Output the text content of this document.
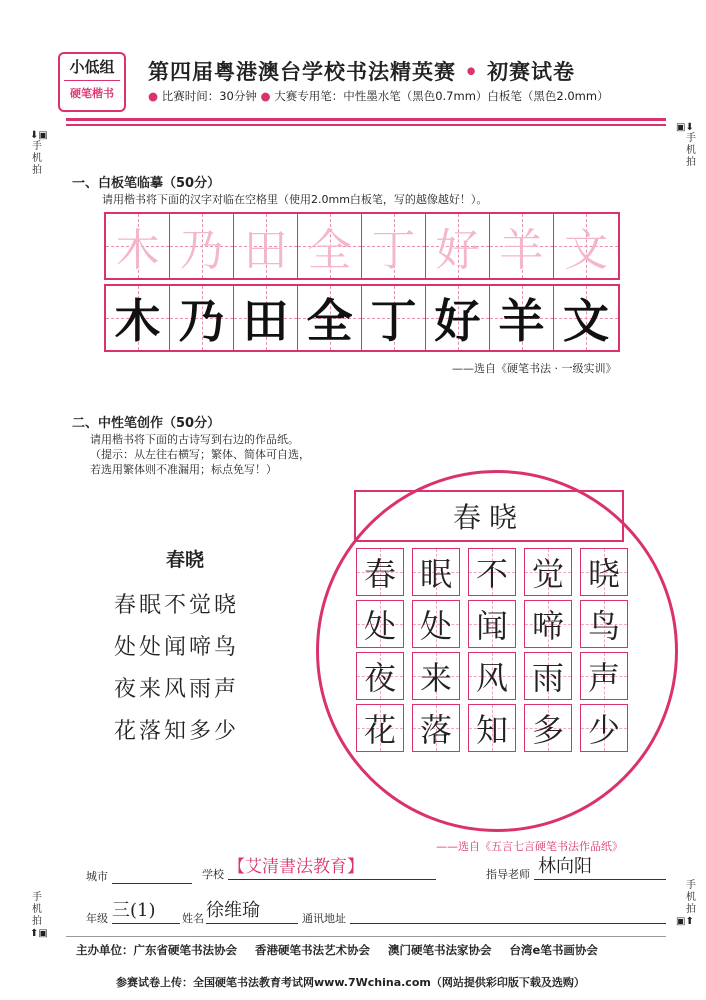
小低组
硬笔楷书
第四届粤港澳台学校书法精英赛 • 初赛试卷
● 比赛时间：30分钟 ● 大赛专用笔：中性墨水笔（黑色0.7mm）白板笔（黑色2.0mm）
⬇▣
手机拍
▣⬇
手机拍
手机拍
⬆▣
手机拍
▣⬆
一、白板笔临摹（50分）
请用楷书将下面的汉字对临在空格里（使用2.0mm白板笔，写的越像越好！）。
木 乃 田 全 丁 好 羊 文
木 乃 田 全 丁 好 羊 文
——选自《硬笔书法 · 一级实训》
二、中性笔创作（50分）
请用楷书将下面的古诗写到右边的作品纸。
（提示：从左往右横写；繁体、简体可自选，
若选用繁体则不准漏用；标点免写！）
春晓
春眠不觉晓
处处闻啼鸟
夜来风雨声
花落知多少
春晓
春 眠 不 觉 晓
处 处 闻 啼 鸟
夜 来 风 雨 声
花 落 知 多 少
——选自《五言七言硬笔书法作品纸》
城市	学校 【艾清書法教育】	指导老师 林向阳
年级 三(1)	姓名 徐维瑜	通讯地址
主办单位：广东省硬笔书法协会 香港硬笔书法艺术协会 澳门硬笔书法家协会 台湾e笔书画协会
参赛试卷上传：全国硬笔书法教育考试网www.7Wchina.com（网站提供彩印版下载及选购）
